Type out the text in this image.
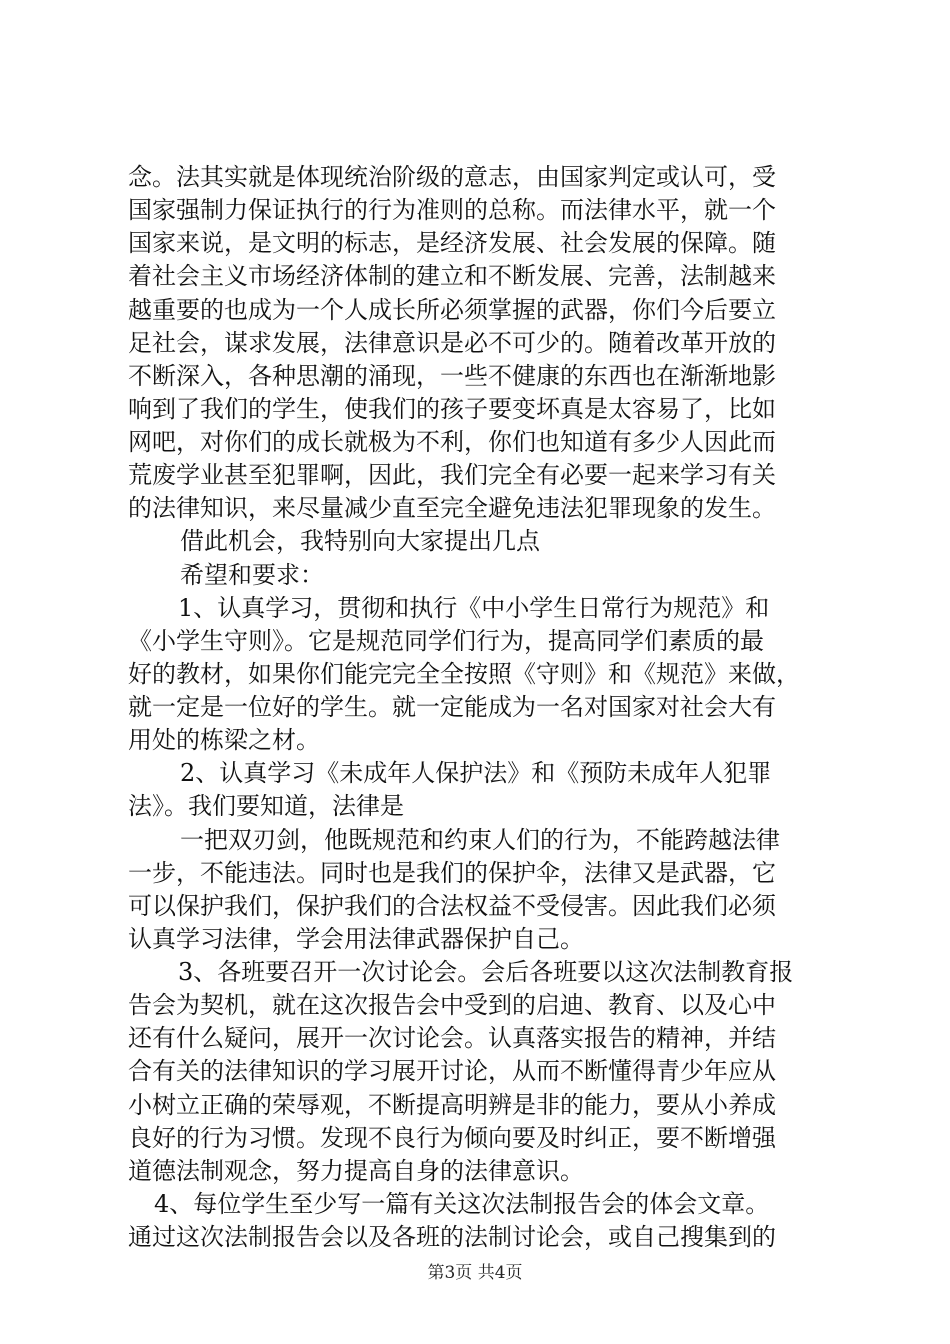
念。法其实就是体现统治阶级的意志，由国家判定或认可，受
国家强制力保证执行的行为准则的总称。而法律水平，就一个
国家来说，是文明的标志，是经济发展、社会发展的保障。随
着社会主义市场经济体制的建立和不断发展、完善，法制越来
越重要的也成为一个人成长所必须掌握的武器，你们今后要立
足社会，谋求发展，法律意识是必不可少的。随着改革开放的
不断深入，各种思潮的涌现，一些不健康的东西也在渐渐地影
响到了我们的学生，使我们的孩子要变坏真是太容易了，比如
网吧，对你们的成长就极为不利，你们也知道有多少人因此而
荒废学业甚至犯罪啊，因此，我们完全有必要一起来学习有关
的法律知识，来尽量减少直至完全避免违法犯罪现象的发生。
借此机会，我特别向大家提出几点
希望和要求：
1、认真学习，贯彻和执行《中小学生日常行为规范》和
《小学生守则》。它是规范同学们行为，提高同学们素质的最
好的教材，如果你们能完完全全按照《守则》和《规范》来做，
就一定是一位好的学生。就一定能成为一名对国家对社会大有
用处的栋梁之材。
2、认真学习《未成年人保护法》和《预防未成年人犯罪
法》。我们要知道，法律是
一把双刃剑，他既规范和约束人们的行为，不能跨越法律
一步，不能违法。同时也是我们的保护伞，法律又是武器，它
可以保护我们，保护我们的合法权益不受侵害。因此我们必须
认真学习法律，学会用法律武器保护自己。
3、各班要召开一次讨论会。会后各班要以这次法制教育报
告会为契机，就在这次报告会中受到的启迪、教育、以及心中
还有什么疑问，展开一次讨论会。认真落实报告的精神，并结
合有关的法律知识的学习展开讨论，从而不断懂得青少年应从
小树立正确的荣辱观，不断提高明辨是非的能力，要从小养成
良好的行为习惯。发现不良行为倾向要及时纠正，要不断增强
道德法制观念，努力提高自身的法律意识。
4、每位学生至少写一篇有关这次法制报告会的体会文章。
通过这次法制报告会以及各班的法制讨论会，或自己搜集到的
第3页 共4页
